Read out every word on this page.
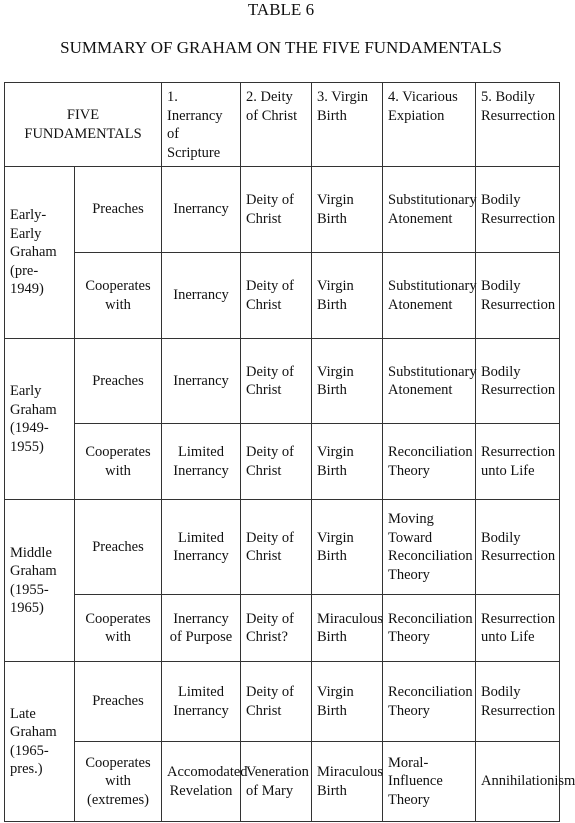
TABLE 6
SUMMARY OF GRAHAM ON THE FIVE FUNDAMENTALS
FIVE FUNDAMENTALS		1. Inerrancy of Scripture	2. Deity of Christ	3. Virgin Birth	4. Vicarious Expiation	5. Bodily Resurrection
Early-Early Graham (pre-1949)	Preaches	Inerrancy	Deity of Christ	Virgin Birth	Substitutionary Atonement	Bodily Resurrection
	Cooperates with	Inerrancy	Deity of Christ	Virgin Birth	Substitutionary Atonement	Bodily Resurrection
Early Graham (1949-1955)	Preaches	Inerrancy	Deity of Christ	Virgin Birth	Substitutionary Atonement	Bodily Resurrection
	Cooperates with	Limited Inerrancy	Deity of Christ	Virgin Birth	Reconciliation Theory	Resurrection unto Life
Middle Graham (1955-1965)	Preaches	Limited Inerrancy	Deity of Christ	Virgin Birth	Moving Toward Reconciliation Theory	Bodily Resurrection
	Cooperates with	Inerrancy of Purpose	Deity of Christ?	Miraculous Birth	Reconciliation Theory	Resurrection unto Life
Late Graham (1965-pres.)	Preaches	Limited Inerrancy	Deity of Christ	Virgin Birth	Reconciliation Theory	Bodily Resurrection
	Cooperates with (extremes)	Accomodated Revelation	Veneration of Mary	Miraculous Birth	Moral-Influence Theory	Annihilationism
